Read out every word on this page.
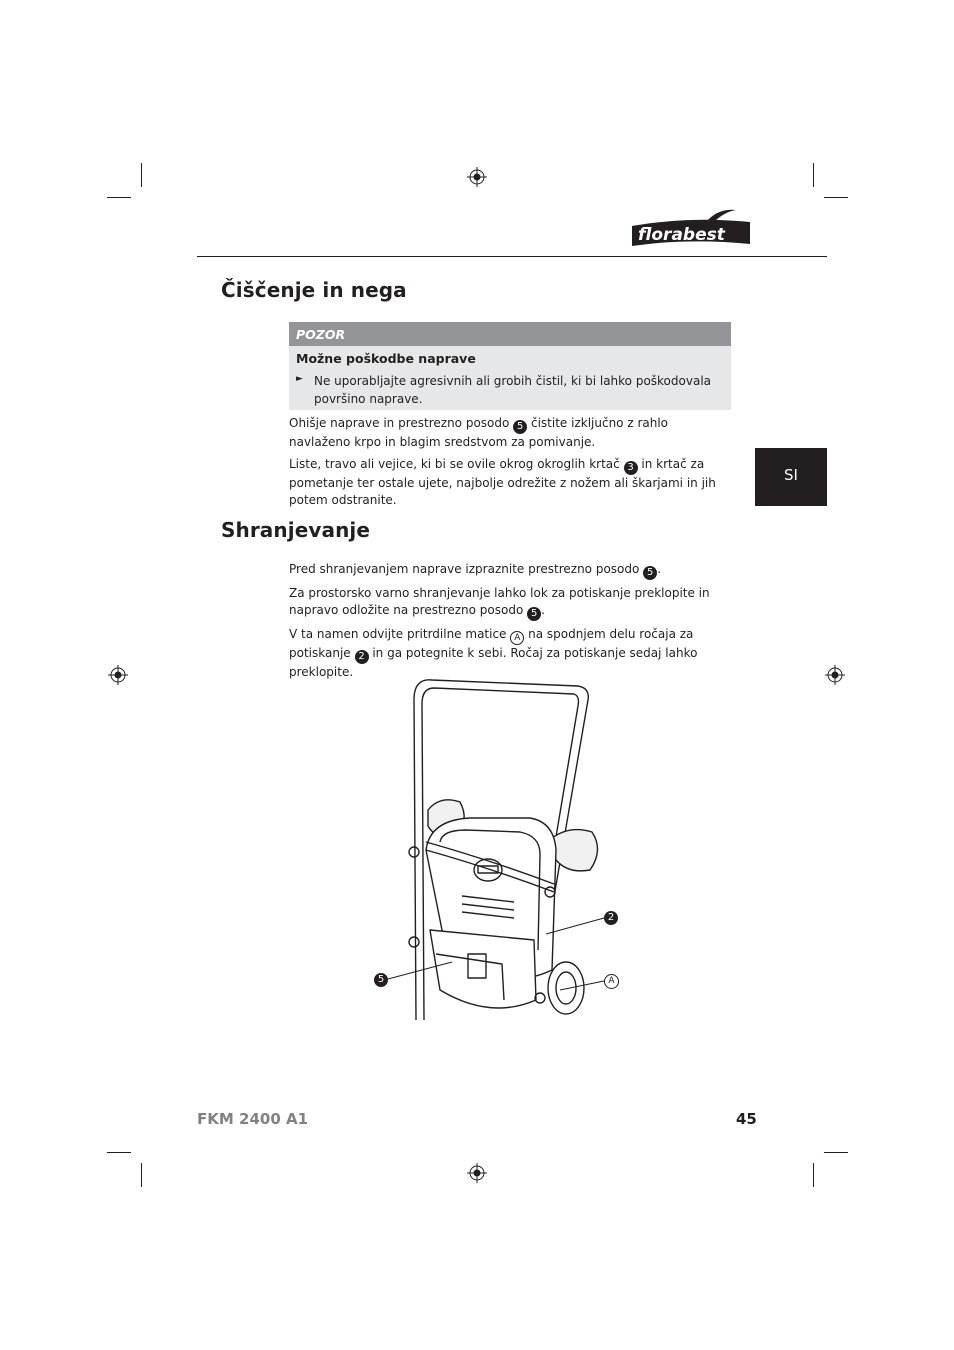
florabest
Čiščenje in nega
POZOR
Možne poškodbe naprave
► Ne uporabljajte agresivnih ali grobih čistil, ki bi lahko poškodovala površino naprave.
Ohišje naprave in prestrezno posodo 5 čistite izključno z rahlo navlaženo krpo in blagim sredstvom za pomivanje.
Liste, travo ali vejice, ki bi se ovile okrog okroglih krtač 3 in krtač za pometanje ter ostale ujete, najbolje odrežite z nožem ali škarjami in jih potem odstranite.
SI
Shranjevanje
Pred shranjevanjem naprave izpraznite prestrezno posodo 5 .
Za prostorsko varno shranjevanje lahko lok za potiskanje preklopite in napravo odložite na prestrezno posodo 5 .
V ta namen odvijte pritrdilne matice A na spodnjem delu ročaja za potiskanje 2 in ga potegnite k sebi. Ročaj za potiskanje sedaj lahko preklopite.
2
5	A
FKM 2400 A1	45
